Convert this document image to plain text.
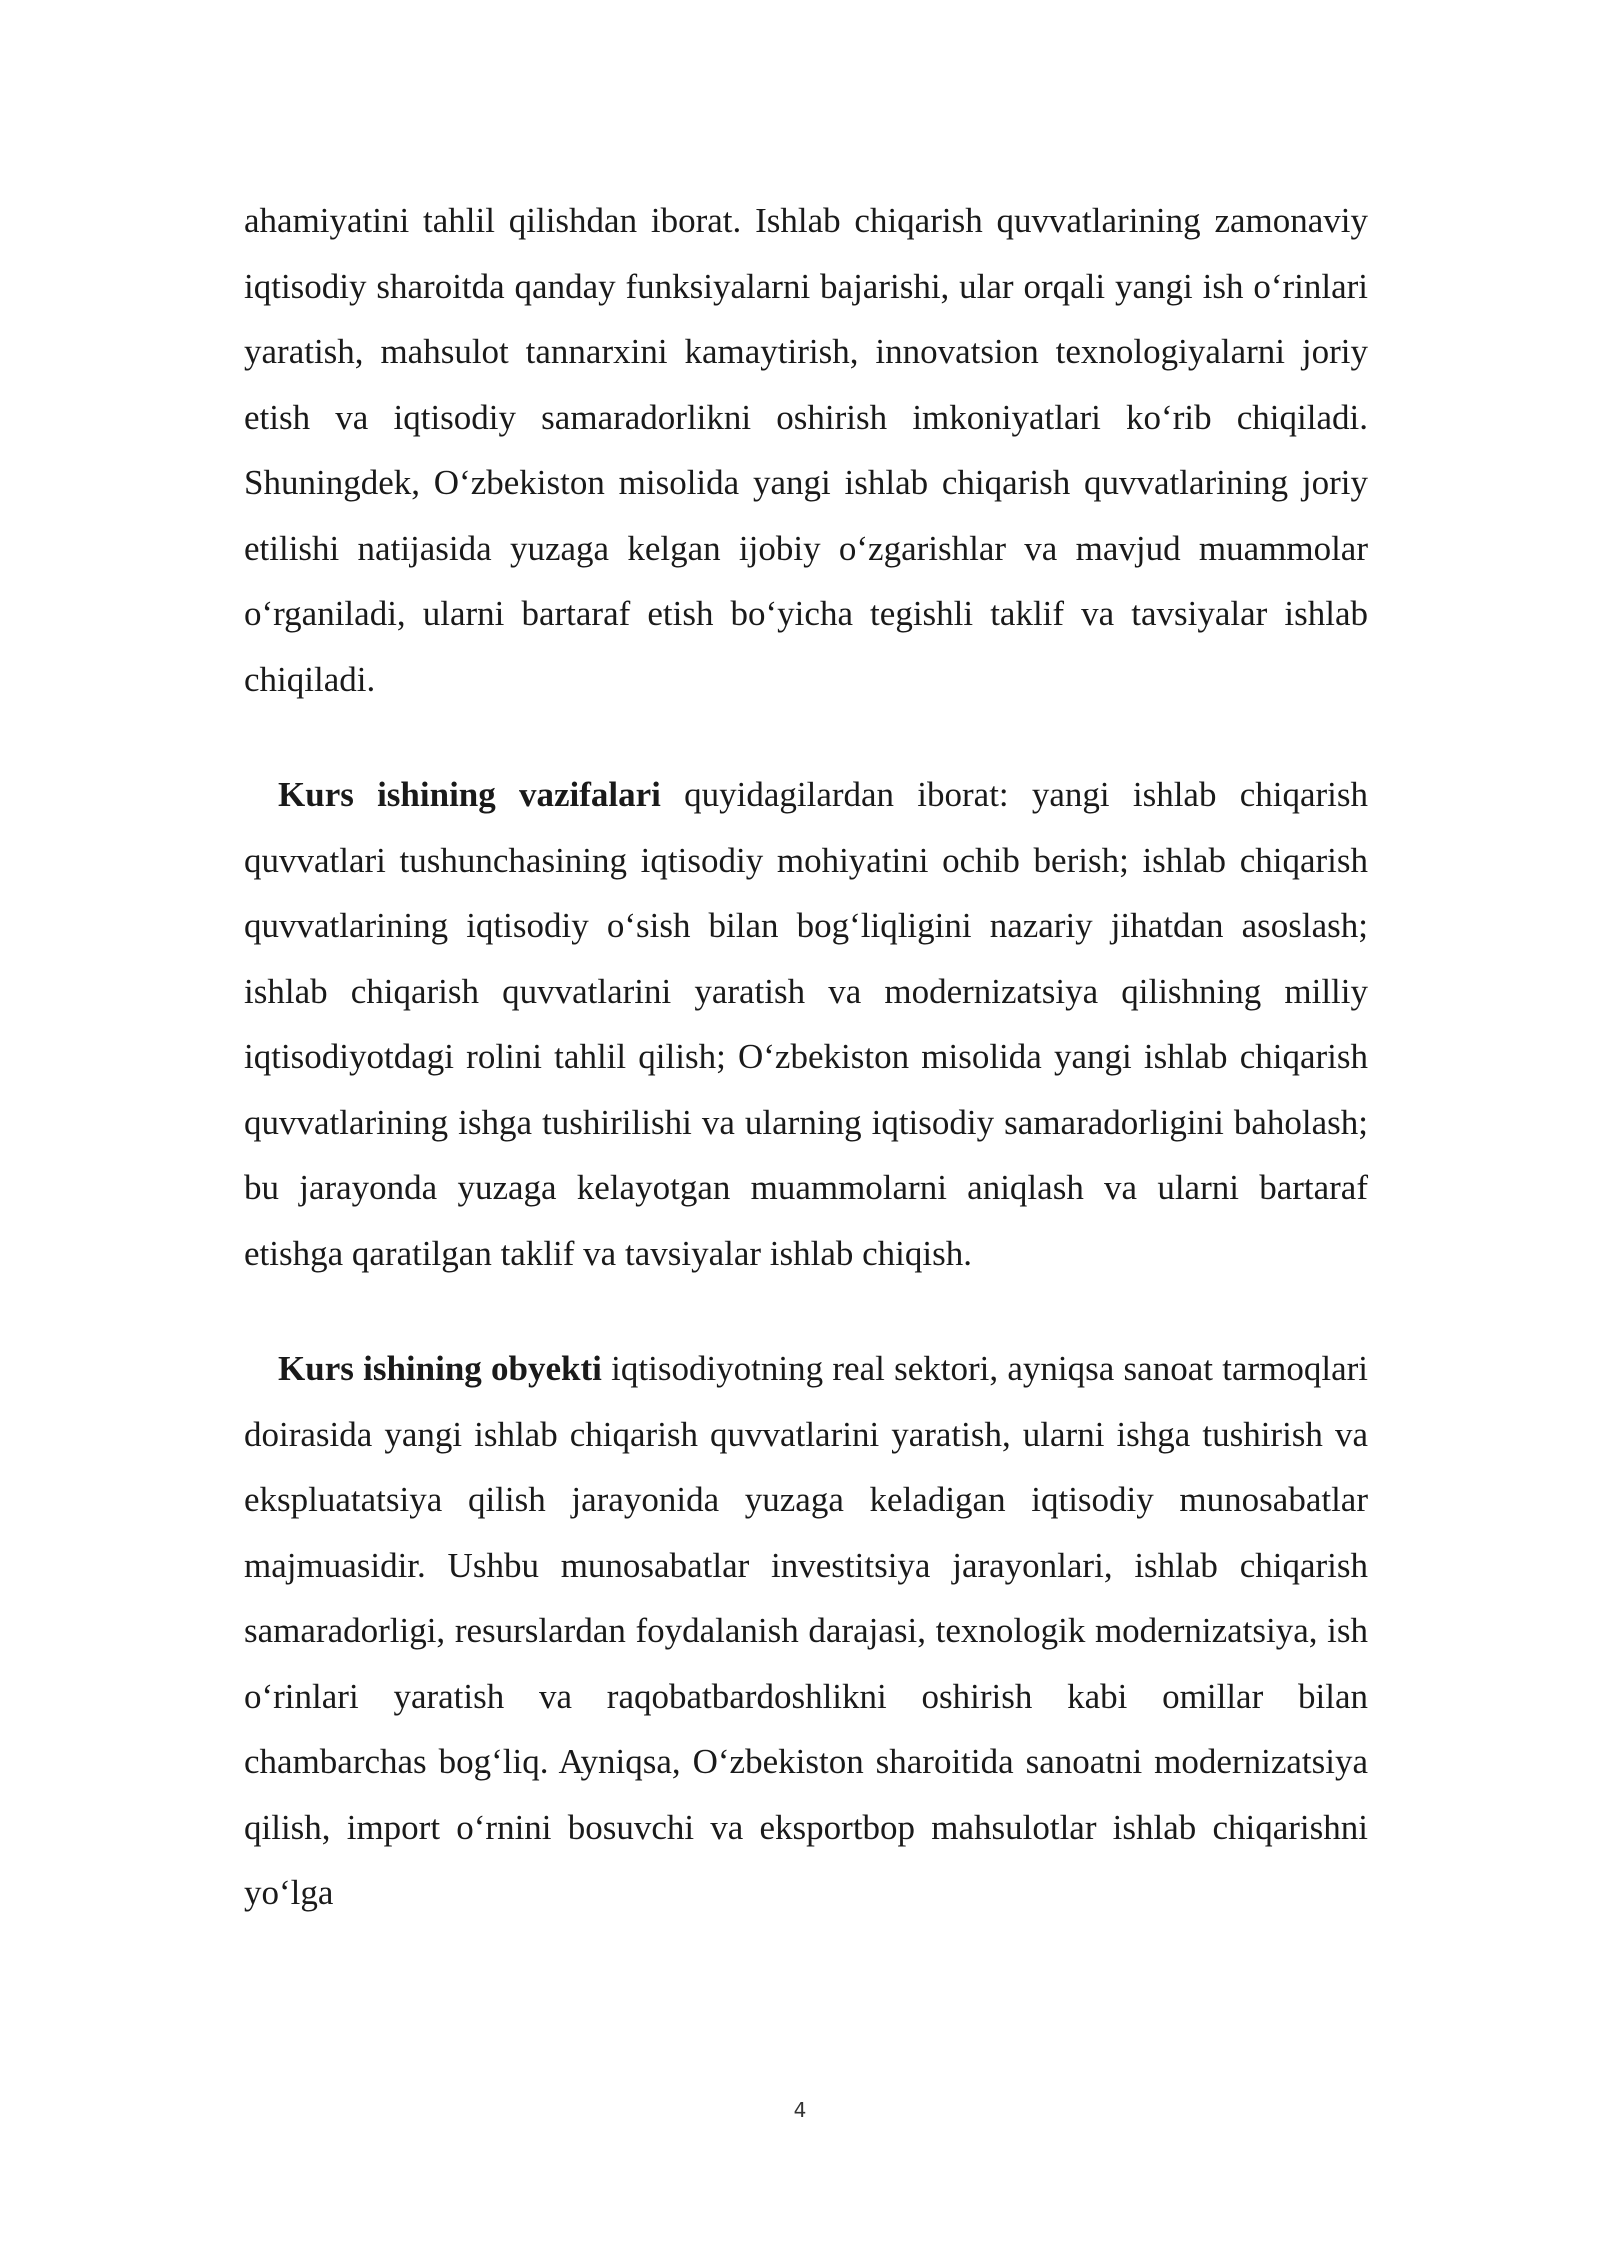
ahamiyatini tahlil qilishdan iborat. Ishlab chiqarish quvvatlarining zamonaviy iqtisodiy sharoitda qanday funksiyalarni bajarishi, ular orqali yangi ish o‘rinlari yaratish, mahsulot tannarxini kamaytirish, innovatsion texnologiyalarni joriy etish va iqtisodiy samaradorlikni oshirish imkoniyatlari ko‘rib chiqiladi. Shuningdek, O‘zbekiston misolida yangi ishlab chiqarish quvvatlarining joriy etilishi natijasida yuzaga kelgan ijobiy o‘zgarishlar va mavjud muammolar o‘rganiladi, ularni bartaraf etish bo‘yicha tegishli taklif va tavsiyalar ishlab chiqiladi.

Kurs ishining vazifalari quyidagilardan iborat: yangi ishlab chiqarish quvvatlari tushunchasining iqtisodiy mohiyatini ochib berish; ishlab chiqarish quvvatlarining iqtisodiy o‘sish bilan bog‘liqligini nazariy jihatdan asoslash; ishlab chiqarish quvvatlarini yaratish va modernizatsiya qilishning milliy iqtisodiyotdagi rolini tahlil qilish; O‘zbekiston misolida yangi ishlab chiqarish quvvatlarining ishga tushirilishi va ularning iqtisodiy samaradorligini baholash; bu jarayonda yuzaga kelayotgan muammolarni aniqlash va ularni bartaraf etishga qaratilgan taklif va tavsiyalar ishlab chiqish.

Kurs ishining obyekti iqtisodiyotning real sektori, ayniqsa sanoat tarmoqlari doirasida yangi ishlab chiqarish quvvatlarini yaratish, ularni ishga tushirish va ekspluatatsiya qilish jarayonida yuzaga keladigan iqtisodiy munosabatlar majmuasidir. Ushbu munosabatlar investitsiya jarayonlari, ishlab chiqarish samaradorligi, resurslardan foydalanish darajasi, texnologik modernizatsiya, ish o‘rinlari yaratish va raqobatbardoshlikni oshirish kabi omillar bilan chambarchas bog‘liq. Ayniqsa, O‘zbekiston sharoitida sanoatni modernizatsiya qilish, import o‘rnini bosuvchi va eksportbop mahsulotlar ishlab chiqarishni yo‘lga

4
